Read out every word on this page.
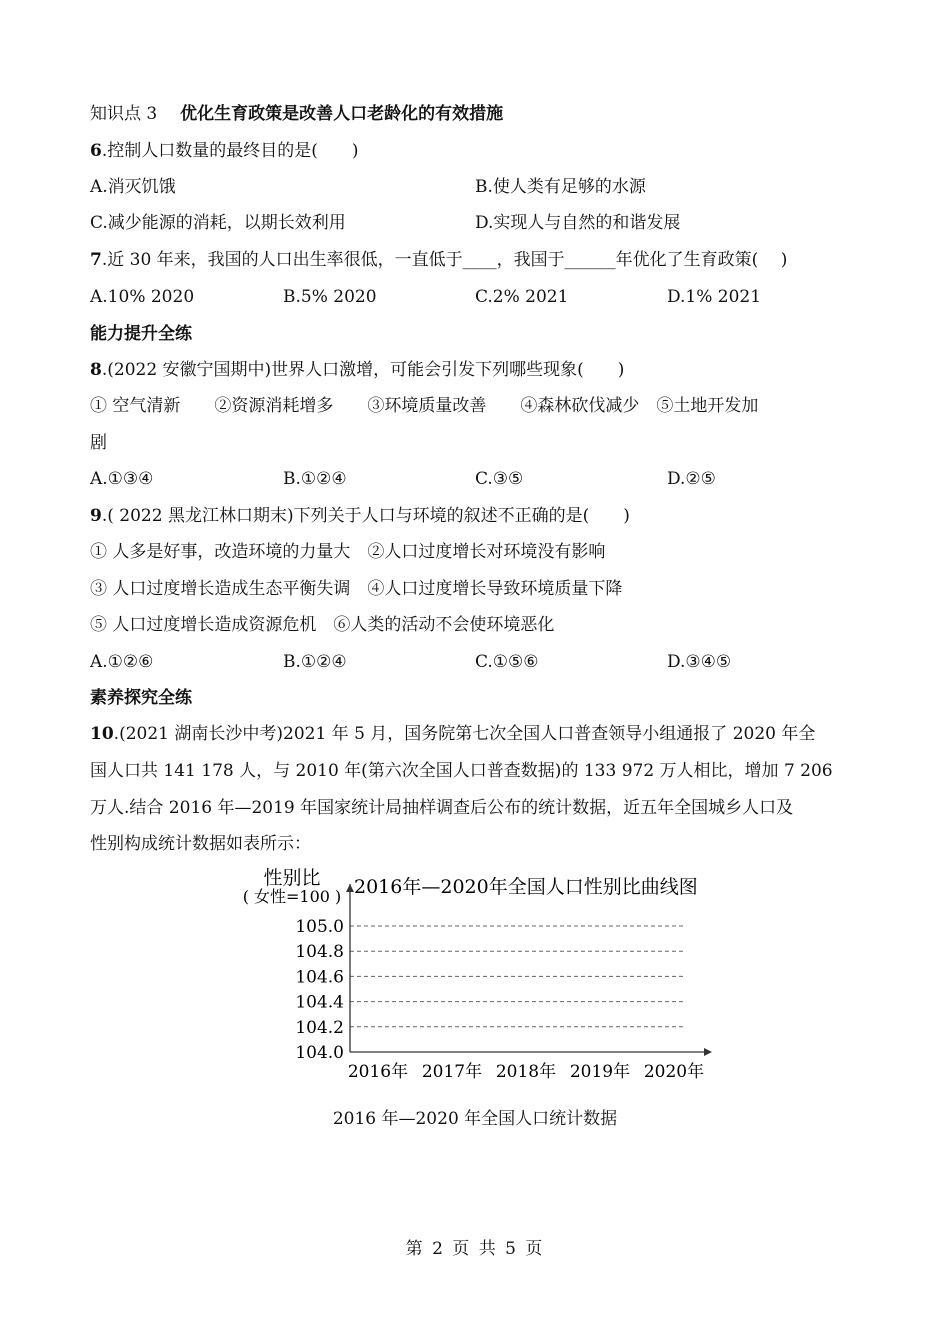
知识点 3　 优化生育政策是改善人口老龄化的有效措施
6.控制人口数量的最终目的是(　　)
A.消灭饥饿	B.使人类有足够的水源
C.减少能源的消耗，以期长效利用	D.实现人与自然的和谐发展
7.近 30 年来，我国的人口出生率很低，一直低于____，我国于______年优化了生育政策(　 )
A.10% 2020	B.5% 2020	C.2% 2021	D.1% 2021
能力提升全练
8.(2022 安徽宁国期中)世界人口激增，可能会引发下列哪些现象(　　)
① 空气清新　　②资源消耗增多　　③环境质量改善　　④森林砍伐减少　⑤土地开发加
剧
A.①③④	B.①②④	C.③⑤	D.②⑤
9.( 2022 黑龙江林口期末)下列关于人口与环境的叙述不正确的是(　　)
① 人多是好事，改造环境的力量大　②人口过度增长对环境没有影响
③ 人口过度增长造成生态平衡失调　④人口过度增长导致环境质量下降
⑤ 人口过度增长造成资源危机　⑥人类的活动不会使环境恶化
A.①②⑥	B.①②④	C.①⑤⑥	D.③④⑤
素养探究全练
10.(2021 湖南长沙中考)2021 年 5 月，国务院第七次全国人口普查领导小组通报了 2020 年全
国人口共 141 178 人，与 2010 年(第六次全国人口普查数据)的 133 972 万人相比，增加 7 206
万人.结合 2016 年—2019 年国家统计局抽样调查后公布的统计数据，近五年全国城乡人口及
性别构成统计数据如表所示：
性别比
( 女性=100 ) 2016年—2020年全国人口性别比曲线图
104.0
104.2
104.4
104.6
104.8
105.0
2016年 2017年 2018年 2019年 2020年
2016 年—2020 年全国人口统计数据
第 2 页 共 5 页
